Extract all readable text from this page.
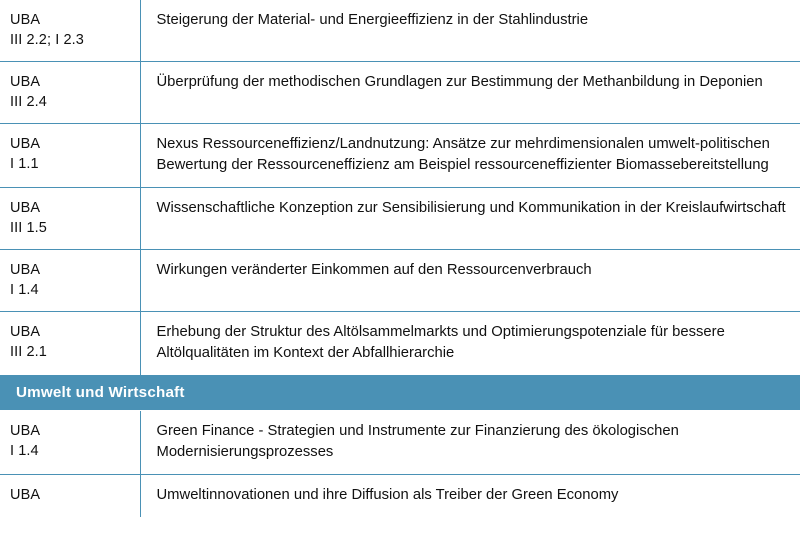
UBA
III 2.2; I 2.3	Steigerung der Material- und Energieeffizienz in der Stahlindustrie

UBA
III 2.4	Überprüfung der methodischen Grundlagen zur Bestimmung der Methanbildung in Deponien

UBA
I 1.1	Nexus Ressourceneffizienz/Landnutzung: Ansätze zur mehrdimensionalen umwelt-politischen Bewertung der Ressourceneffizienz am Beispiel ressourceneffizienter Biomassebereitstellung

UBA
III 1.5	Wissenschaftliche Konzeption zur Sensibilisierung und Kommunikation in der Kreislaufwirtschaft

UBA
I 1.4	Wirkungen veränderter Einkommen auf den Ressourcenverbrauch

UBA
III 2.1	Erhebung der Struktur des Altölsammelmarkts und Optimierungspotenziale für bessere Altölqualitäten im Kontext der Abfallhierarchie
Umwelt und Wirtschaft	

UBA
I 1.4	Green Finance - Strategien und Instrumente zur Finanzierung des ökologischen Modernisierungsprozesses

UBA	Umweltinnovationen und ihre Diffusion als Treiber der Green Economy
